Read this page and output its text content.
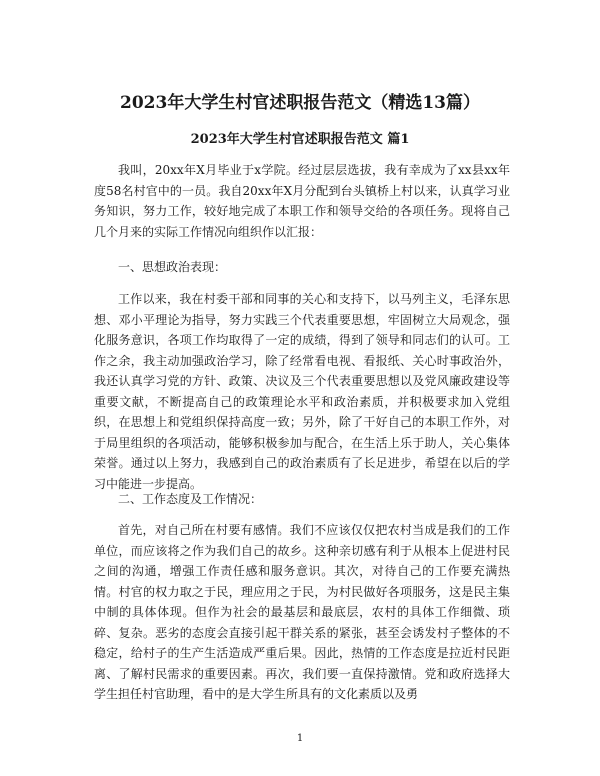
2023年大学生村官述职报告范文（精选13篇）
2023年大学生村官述职报告范文 篇1

我叫，20xx年X月毕业于x学院。经过层层选拔，我有幸成为了xx县xx年度58名村官中的一员。我自20xx年X月分配到台头镇桥上村以来，认真学习业务知识，努力工作，较好地完成了本职工作和领导交给的各项任务。现将自己几个月来的实际工作情况向组织作以汇报：

一、思想政治表现：

工作以来，我在村委干部和同事的关心和支持下，以马列主义，毛泽东思想、邓小平理论为指导，努力实践三个代表重要思想，牢固树立大局观念，强化服务意识，各项工作均取得了一定的成绩，得到了领导和同志们的认可。工作之余，我主动加强政治学习，除了经常看电视、看报纸、关心时事政治外，我还认真学习党的方针、政策、决议及三个代表重要思想以及党风廉政建设等重要文献，不断提高自己的政策理论水平和政治素质，并积极要求加入党组织，在思想上和党组织保持高度一致；另外，除了干好自己的本职工作外，对于局里组织的各项活动，能够积极参加与配合，在生活上乐于助人，关心集体荣誉。通过以上努力，我感到自己的政治素质有了长足进步，希望在以后的学习中能进一步提高。

二、工作态度及工作情况：

首先，对自己所在村要有感情。我们不应该仅仅把农村当成是我们的工作单位，而应该将之作为我们自己的故乡。这种亲切感有利于从根本上促进村民之间的沟通，增强工作责任感和服务意识。其次，对待自己的工作要充满热情。村官的权力取之于民，理应用之于民，为村民做好各项服务，这是民主集中制的具体体现。但作为社会的最基层和最底层，农村的具体工作细微、琐碎、复杂。恶劣的态度会直接引起干群关系的紧张，甚至会诱发村子整体的不稳定，给村子的生产生活造成严重后果。因此，热情的工作态度是拉近村民距离、了解村民需求的重要因素。再次，我们要一直保持激情。党和政府选择大学生担任村官助理，看中的是大学生所具有的文化素质以及勇

1
